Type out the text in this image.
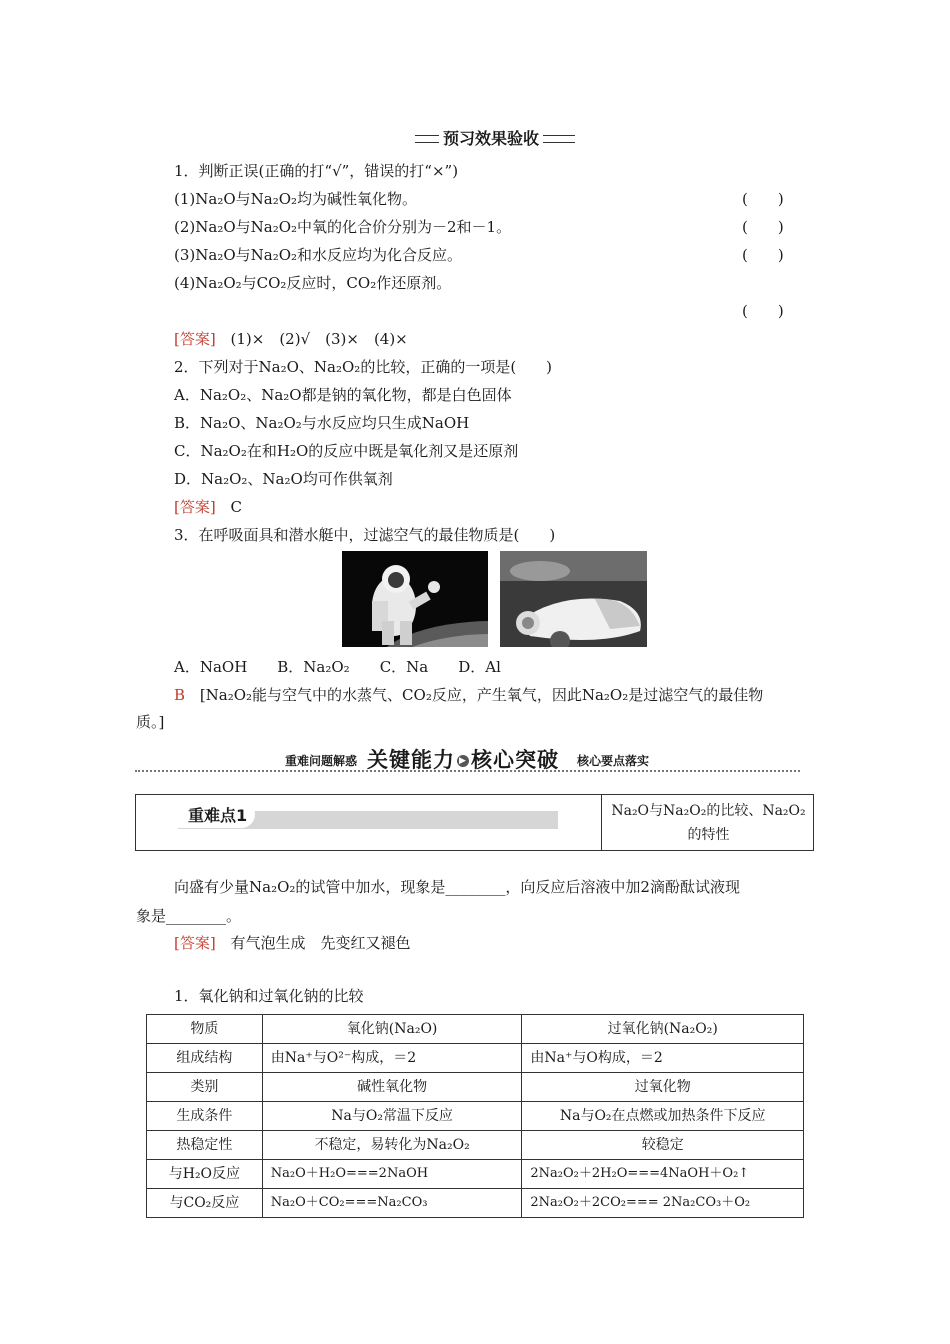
预习效果验收
1．判断正误(正确的打“√”，错误的打“×”)
(1)Na₂O与Na₂O₂均为碱性氧化物。	(　　)
(2)Na₂O与Na₂O₂中氧的化合价分别为－2和－1。	(　　)
(3)Na₂O与Na₂O₂和水反应均为化合反应。	(　　)
(4)Na₂O₂与CO₂反应时，CO₂作还原剂。
(　　)
[答案] (1)×　(2)√　(3)×　(4)×
2．下列对于Na₂O、Na₂O₂的比较，正确的一项是(　　)
A．Na₂O₂、Na₂O都是钠的氧化物，都是白色固体
B．Na₂O、Na₂O₂与水反应均只生成NaOH
C．Na₂O₂在和H₂O的反应中既是氧化剂又是还原剂
D．Na₂O₂、Na₂O均可作供氧剂
[答案] C
3．在呼吸面具和潜水艇中，过滤空气的最佳物质是(　　)
A．NaOH　　B．Na₂O₂　　C．Na　　D．Al
B [Na₂O₂能与空气中的水蒸气、CO₂反应，产生氧气，因此Na₂O₂是过滤空气的最佳物
质。]
重难问题解惑 关键能力 ▶ 核心突破 核心要点落实
重难点1	Na₂O与Na₂O₂的比较、Na₂O₂的特性
向盛有少量Na₂O₂的试管中加水，现象是________，向反应后溶液中加2滴酚酞试液现
象是________。
[答案] 有气泡生成　先变红又褪色
1．氧化钠和过氧化钠的比较
物质	氧化钠(Na₂O)	过氧化钠(Na₂O₂)
组成结构	由Na⁺与O²⁻构成，＝2	由Na⁺与O构成，＝2
类别	碱性氧化物	过氧化物
生成条件	Na与O₂常温下反应	Na与O₂在点燃或加热条件下反应
热稳定性	不稳定，易转化为Na₂O₂	较稳定
与H₂O反应	Na₂O＋H₂O===2NaOH	2Na₂O₂＋2H₂O===4NaOH＋O₂↑
与CO₂反应	Na₂O＋CO₂===Na₂CO₃	2Na₂O₂＋2CO₂=== 2Na₂CO₃＋O₂
